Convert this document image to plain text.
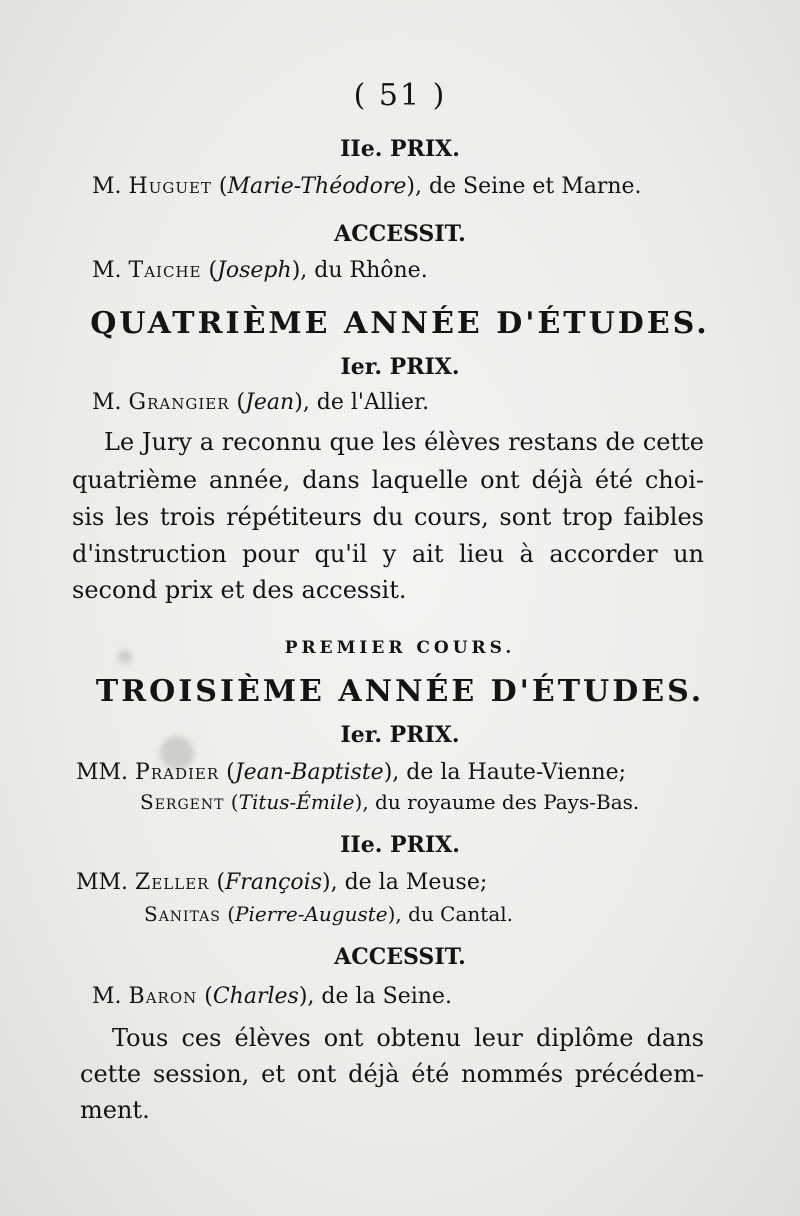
( 51 )
IIe. PRIX.
M. Huguet (Marie-Théodore), de Seine et Marne.
ACCESSIT.
M. Taiche (Joseph), du Rhône.
QUATRIÈME ANNÉE D'ÉTUDES.
Ier. PRIX.
M. Grangier (Jean), de l'Allier.
Le Jury a reconnu que les élèves restans de cette
quatrième année, dans laquelle ont déjà été choi-
sis les trois répétiteurs du cours, sont trop faibles
d'instruction pour qu'il y ait lieu à accorder un
second prix et des accessit.
PREMIER COURS.
TROISIÈME ANNÉE D'ÉTUDES.
Ier. PRIX.
MM. Pradier (Jean-Baptiste), de la Haute-Vienne;
Sergent (Titus-Émile), du royaume des Pays-Bas.
IIe. PRIX.
MM. Zeller (François), de la Meuse;
Sanitas (Pierre-Auguste), du Cantal.
ACCESSIT.
M. Baron (Charles), de la Seine.
Tous ces élèves ont obtenu leur diplôme dans
cette session, et ont déjà été nommés précédem-
ment.
